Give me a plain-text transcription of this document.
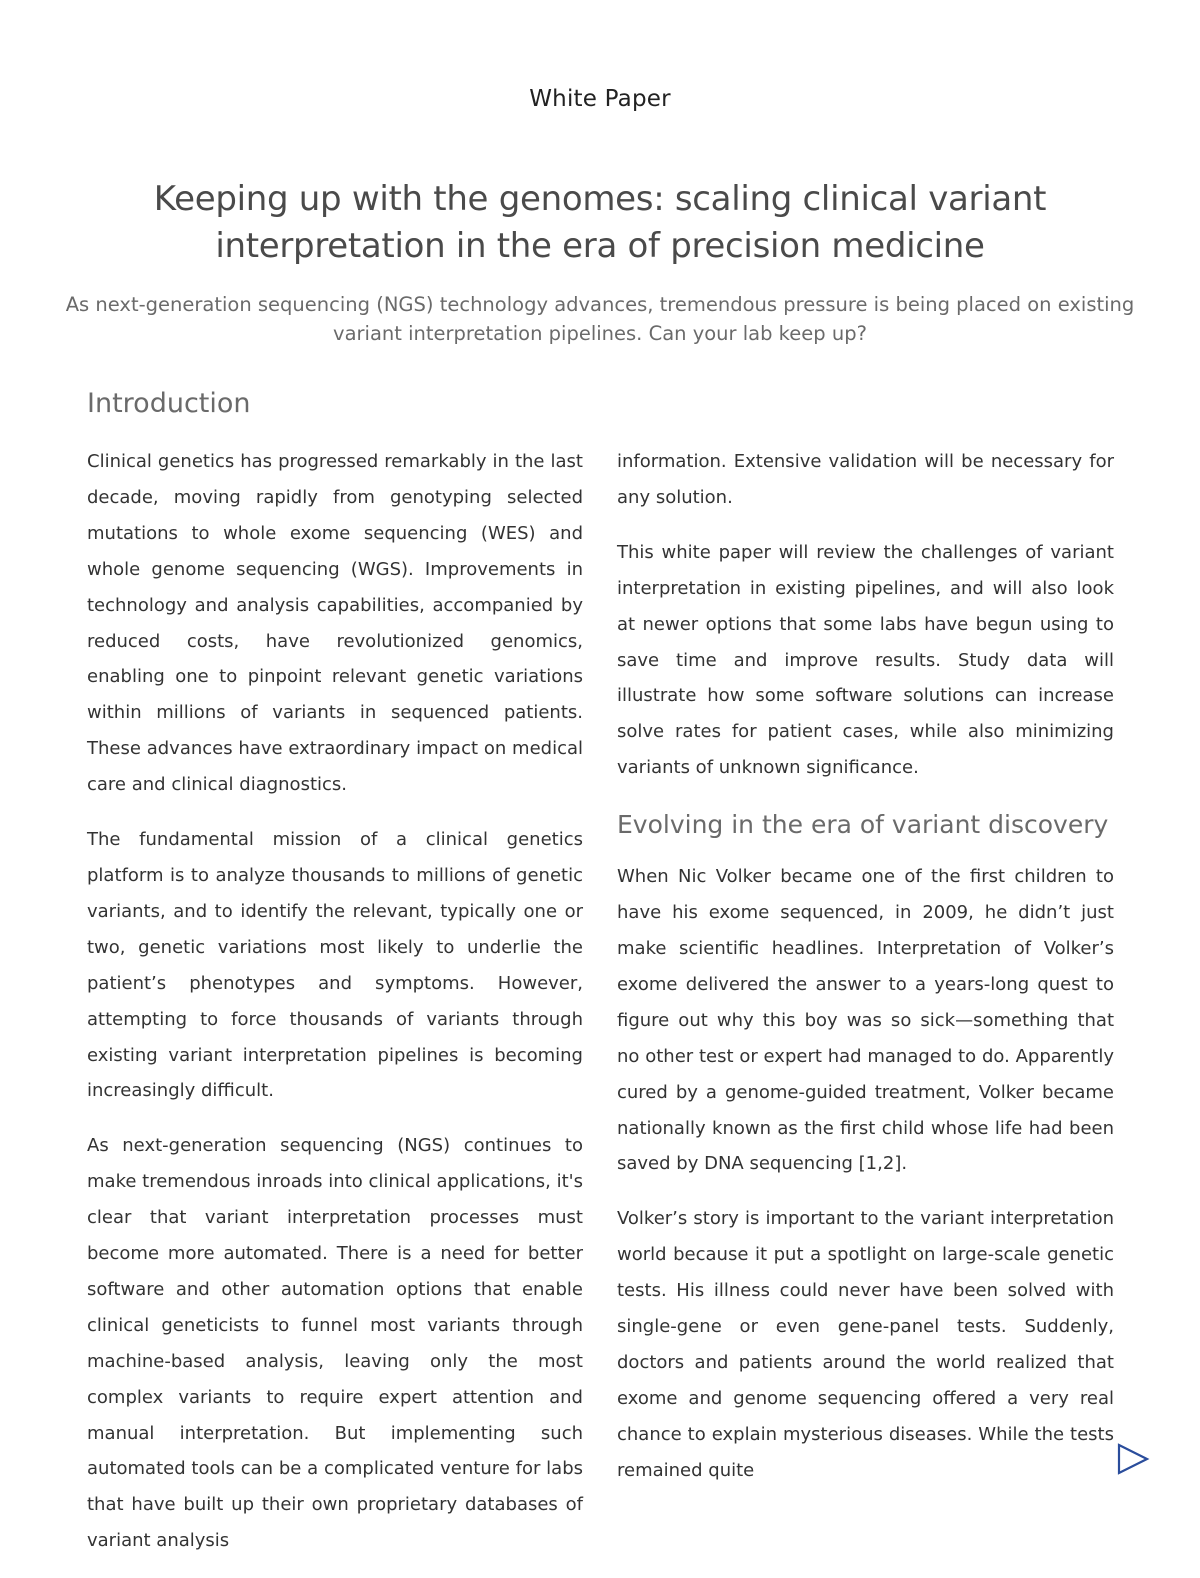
White Paper
Keeping up with the genomes: scaling clinical variant interpretation in the era of precision medicine

As next-generation sequencing (NGS) technology advances, tremendous pressure is being placed on existing variant interpretation pipelines. Can your lab keep up?

Introduction

Clinical genetics has progressed remarkably in the last decade, moving rapidly from genotyping selected mutations to whole exome sequencing (WES) and whole genome sequencing (WGS). Improvements in technology and analysis capabilities, accompanied by reduced costs, have revolutionized genomics, enabling one to pinpoint relevant genetic variations within millions of variants in sequenced patients. These advances have extraordinary impact on medical care and clinical diagnostics.

The fundamental mission of a clinical genetics platform is to analyze thousands to millions of genetic variants, and to identify the relevant, typically one or two, genetic variations most likely to underlie the patient’s phenotypes and symptoms. However, attempting to force thousands of variants through existing variant interpretation pipelines is becoming increasingly difficult.

As next-generation sequencing (NGS) continues to make tremendous inroads into clinical applications, it's clear that variant interpretation processes must become more automated. There is a need for better software and other automation options that enable clinical geneticists to funnel most variants through machine-based analysis, leaving only the most complex variants to require expert attention and manual interpretation. But implementing such automated tools can be a complicated venture for labs that have built up their own proprietary databases of variant analysis

information. Extensive validation will be necessary for any solution.

This white paper will review the challenges of variant interpretation in existing pipelines, and will also look at newer options that some labs have begun using to save time and improve results. Study data will illustrate how some software solutions can increase solve rates for patient cases, while also minimizing variants of unknown significance.

Evolving in the era of variant discovery

When Nic Volker became one of the first children to have his exome sequenced, in 2009, he didn’t just make scientific headlines. Interpretation of Volker’s exome delivered the answer to a years-long quest to figure out why this boy was so sick—something that no other test or expert had managed to do. Apparently cured by a genome-guided treatment, Volker became nationally known as the first child whose life had been saved by DNA sequencing [1,2].

Volker’s story is important to the variant interpretation world because it put a spotlight on large-scale genetic tests. His illness could never have been solved with single-gene or even gene-panel tests. Suddenly, doctors and patients around the world realized that exome and genome sequencing offered a very real chance to explain mysterious diseases. While the tests remained quite
